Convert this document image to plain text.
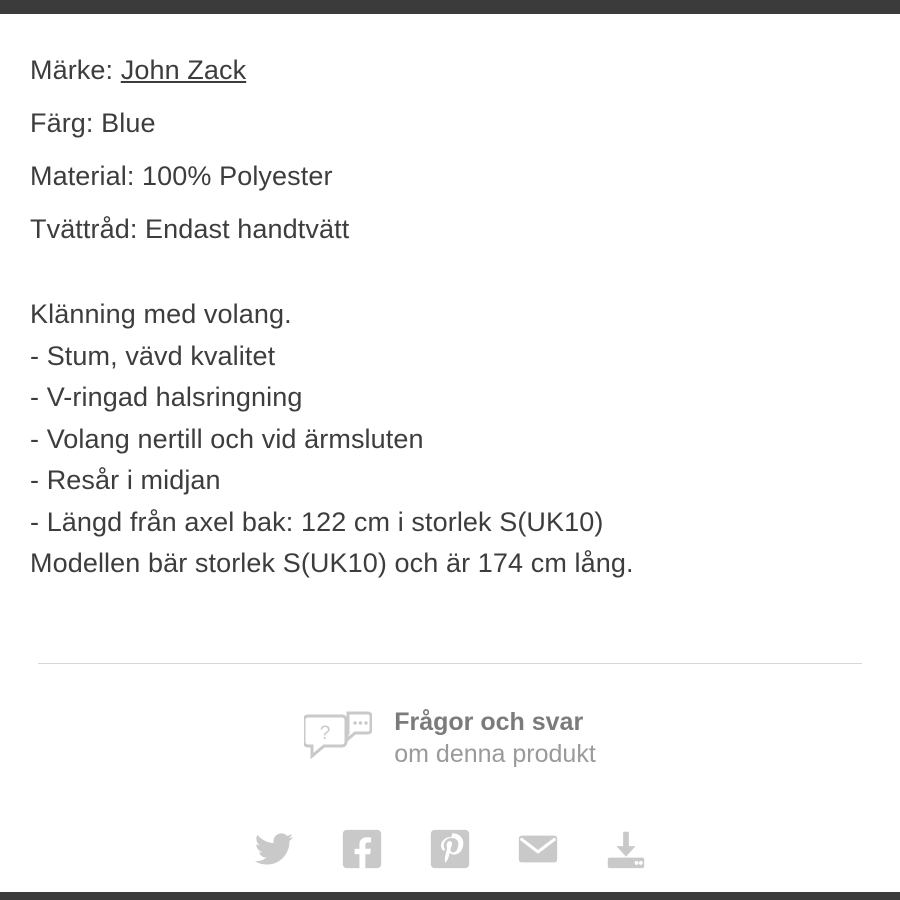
Märke: John Zack
Färg: Blue
Material: 100% Polyester
Tvättråd: Endast handtvätt
Klänning med volang.
- Stum, vävd kvalitet
- V-ringad halsringning
- Volang nertill och vid ärmsluten
- Resår i midjan
- Längd från axel bak: 122 cm i storlek S(UK10)
Modellen bär storlek S(UK10) och är 174 cm lång.
?	Frågor och svar
om denna produkt
